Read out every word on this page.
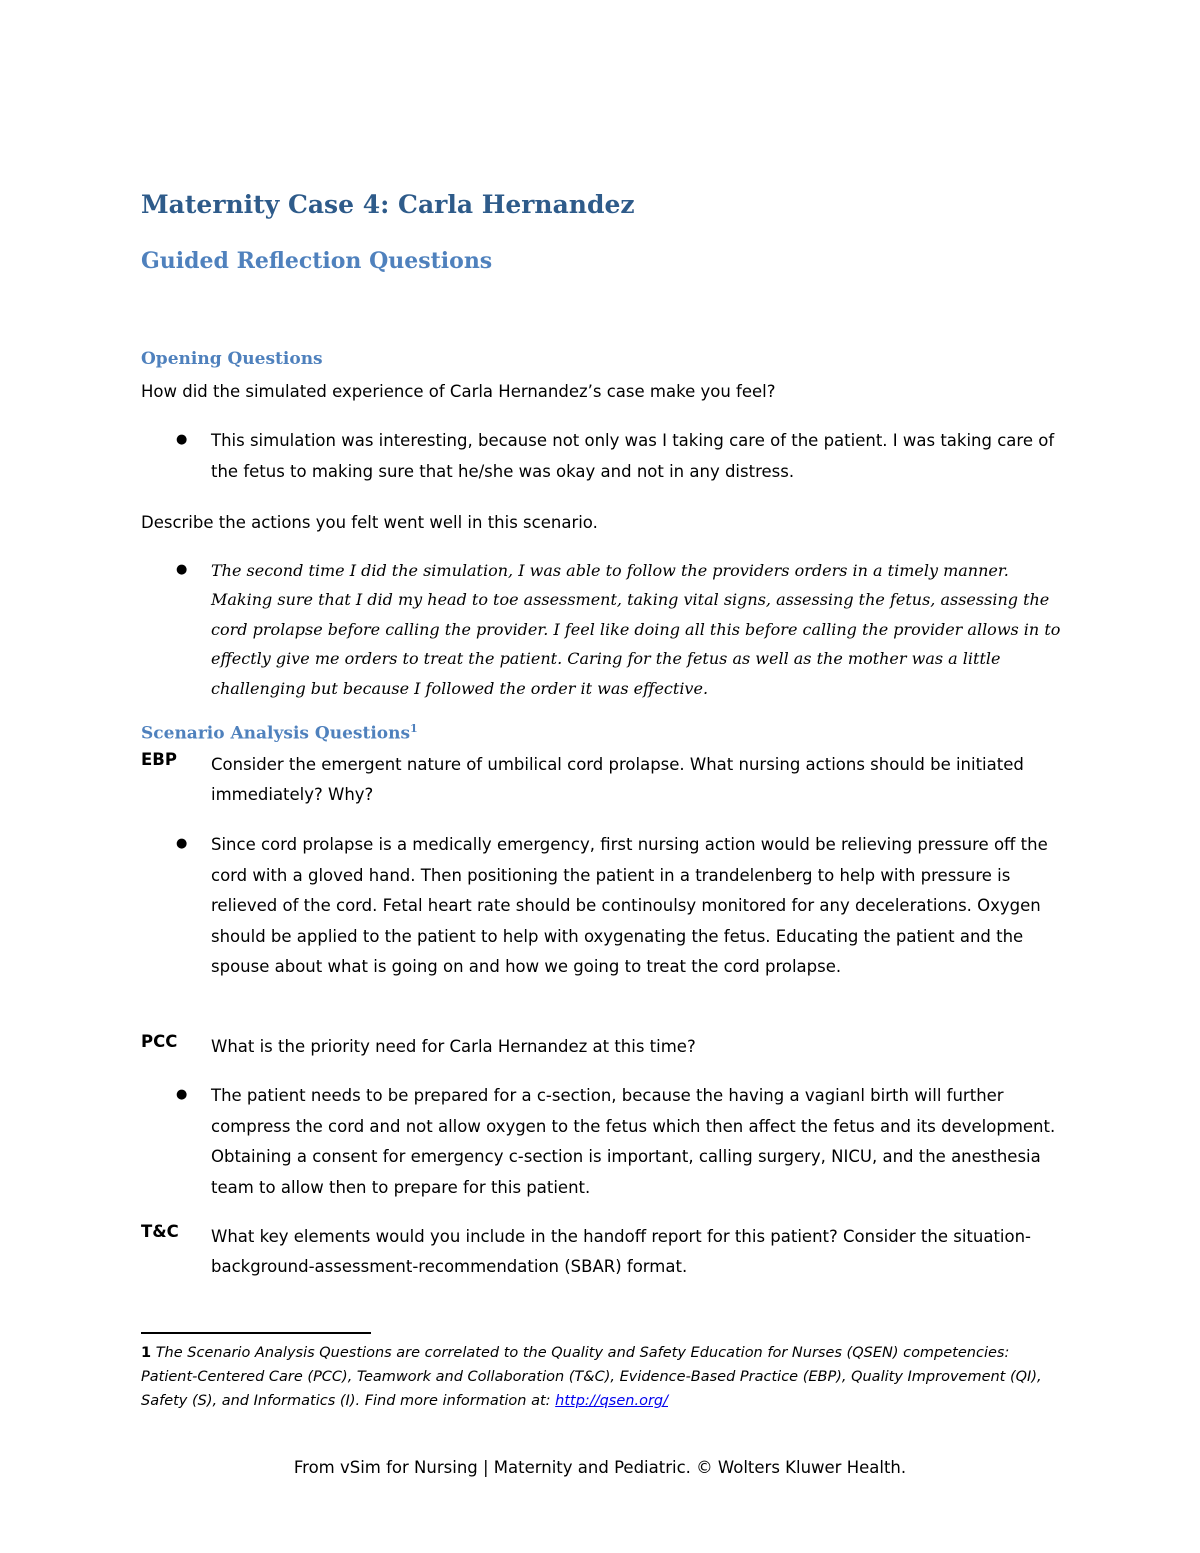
Maternity Case 4: Carla Hernandez
Guided Reflection Questions
Opening Questions
How did the simulated experience of Carla Hernandez’s case make you feel?
● This simulation was interesting, because not only was I taking care of the patient. I was taking care of the fetus to making sure that he/she was okay and not in any distress.
Describe the actions you felt went well in this scenario.
● The second time I did the simulation, I was able to follow the providers orders in a timely manner. Making sure that I did my head to toe assessment, taking vital signs, assessing the fetus, assessing the cord prolapse before calling the provider. I feel like doing all this before calling the provider allows in to effectly give me orders to treat the patient. Caring for the fetus as well as the mother was a little challenging but because I followed the order it was effective.
Scenario Analysis Questions$^1$
EBP Consider the emergent nature of umbilical cord prolapse. What nursing actions should be initiated immediately? Why?
● Since cord prolapse is a medically emergency, first nursing action would be relieving pressure off the cord with a gloved hand. Then positioning the patient in a trandelenberg to help with pressure is relieved of the cord. Fetal heart rate should be continoulsy monitored for any decelerations. Oxygen should be applied to the patient to help with oxygenating the fetus. Educating the patient and the spouse about what is going on and how we going to treat the cord prolapse.
PCC What is the priority need for Carla Hernandez at this time?
● The patient needs to be prepared for a c-section, because the having a vagianl birth will further compress the cord and not allow oxygen to the fetus which then affect the fetus and its development. Obtaining a consent for emergency c-section is important, calling surgery, NICU, and the anesthesia team to allow then to prepare for this patient.
T&C What key elements would you include in the handoff report for this patient? Consider the situation-background-assessment-recommendation (SBAR) format.
1 The Scenario Analysis Questions are correlated to the Quality and Safety Education for Nurses (QSEN) competencies: Patient-Centered Care (PCC), Teamwork and Collaboration (T&C), Evidence-Based Practice (EBP), Quality Improvement (QI), Safety (S), and Informatics (I). Find more information at: http://qsen.org/
From vSim for Nursing | Maternity and Pediatric. © Wolters Kluwer Health.
